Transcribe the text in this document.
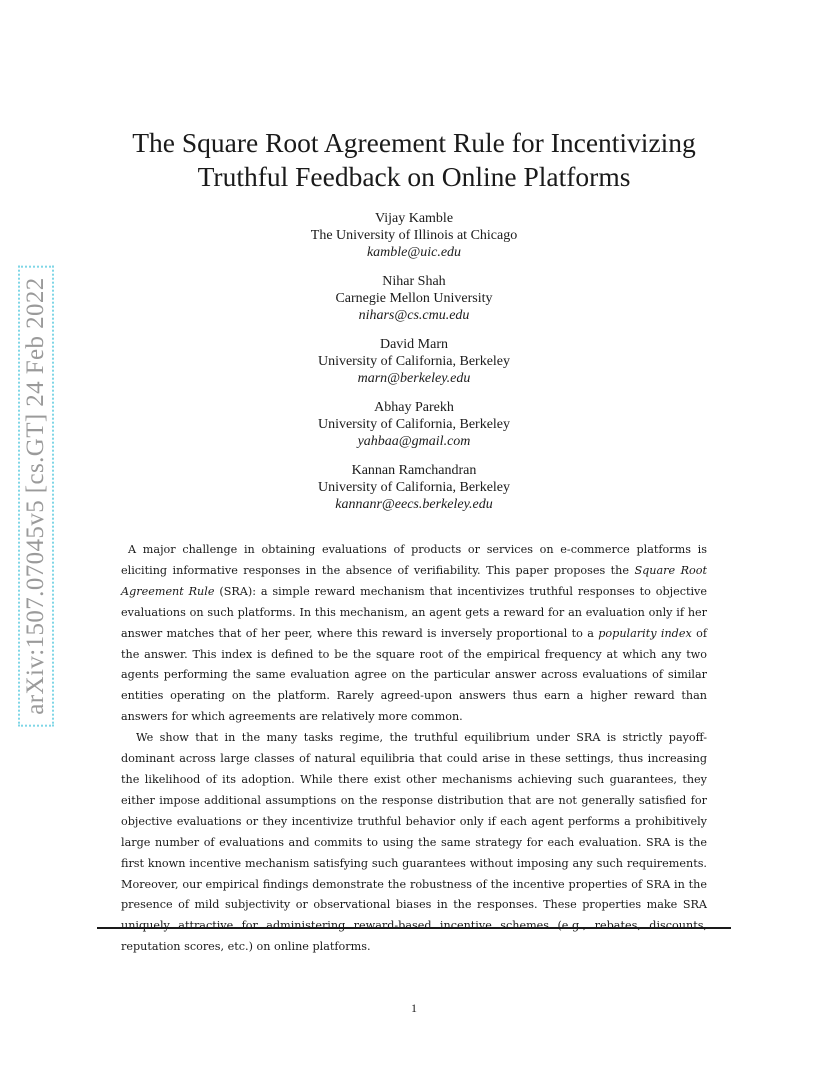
arXiv:1507.07045v5 [cs.GT] 24 Feb 2022
The Square Root Agreement Rule for Incentivizing
Truthful Feedback on Online Platforms
Vijay Kamble
The University of Illinois at Chicago
kamble@uic.edu
Nihar Shah
Carnegie Mellon University
nihars@cs.cmu.edu
David Marn
University of California, Berkeley
marn@berkeley.edu
Abhay Parekh
University of California, Berkeley
yahbaa@gmail.com
Kannan Ramchandran
University of California, Berkeley
kannanr@eecs.berkeley.edu

A major challenge in obtaining evaluations of products or services on e-commerce platforms is eliciting informative responses in the absence of verifiability. This paper proposes the Square Root Agreement Rule (SRA): a simple reward mechanism that incentivizes truthful responses to objective evaluations on such platforms. In this mechanism, an agent gets a reward for an evaluation only if her answer matches that of her peer, where this reward is inversely proportional to a popularity index of the answer. This index is defined to be the square root of the empirical frequency at which any two agents performing the same evaluation agree on the particular answer across evaluations of similar entities operating on the platform. Rarely agreed-upon answers thus earn a higher reward than answers for which agreements are relatively more common.

We show that in the many tasks regime, the truthful equilibrium under SRA is strictly payoff-dominant across large classes of natural equilibria that could arise in these settings, thus increasing the likelihood of its adoption. While there exist other mechanisms achieving such guarantees, they either impose additional assumptions on the response distribution that are not generally satisfied for objective evaluations or they incentivize truthful behavior only if each agent performs a prohibitively large number of evaluations and commits to using the same strategy for each evaluation. SRA is the first known incentive mechanism satisfying such guarantees without imposing any such requirements. Moreover, our empirical findings demonstrate the robustness of the incentive properties of SRA in the presence of mild subjectivity or observational biases in the responses. These properties make SRA uniquely attractive for administering reward-based incentive schemes (e.g., rebates, discounts, reputation scores, etc.) on online platforms.

1
